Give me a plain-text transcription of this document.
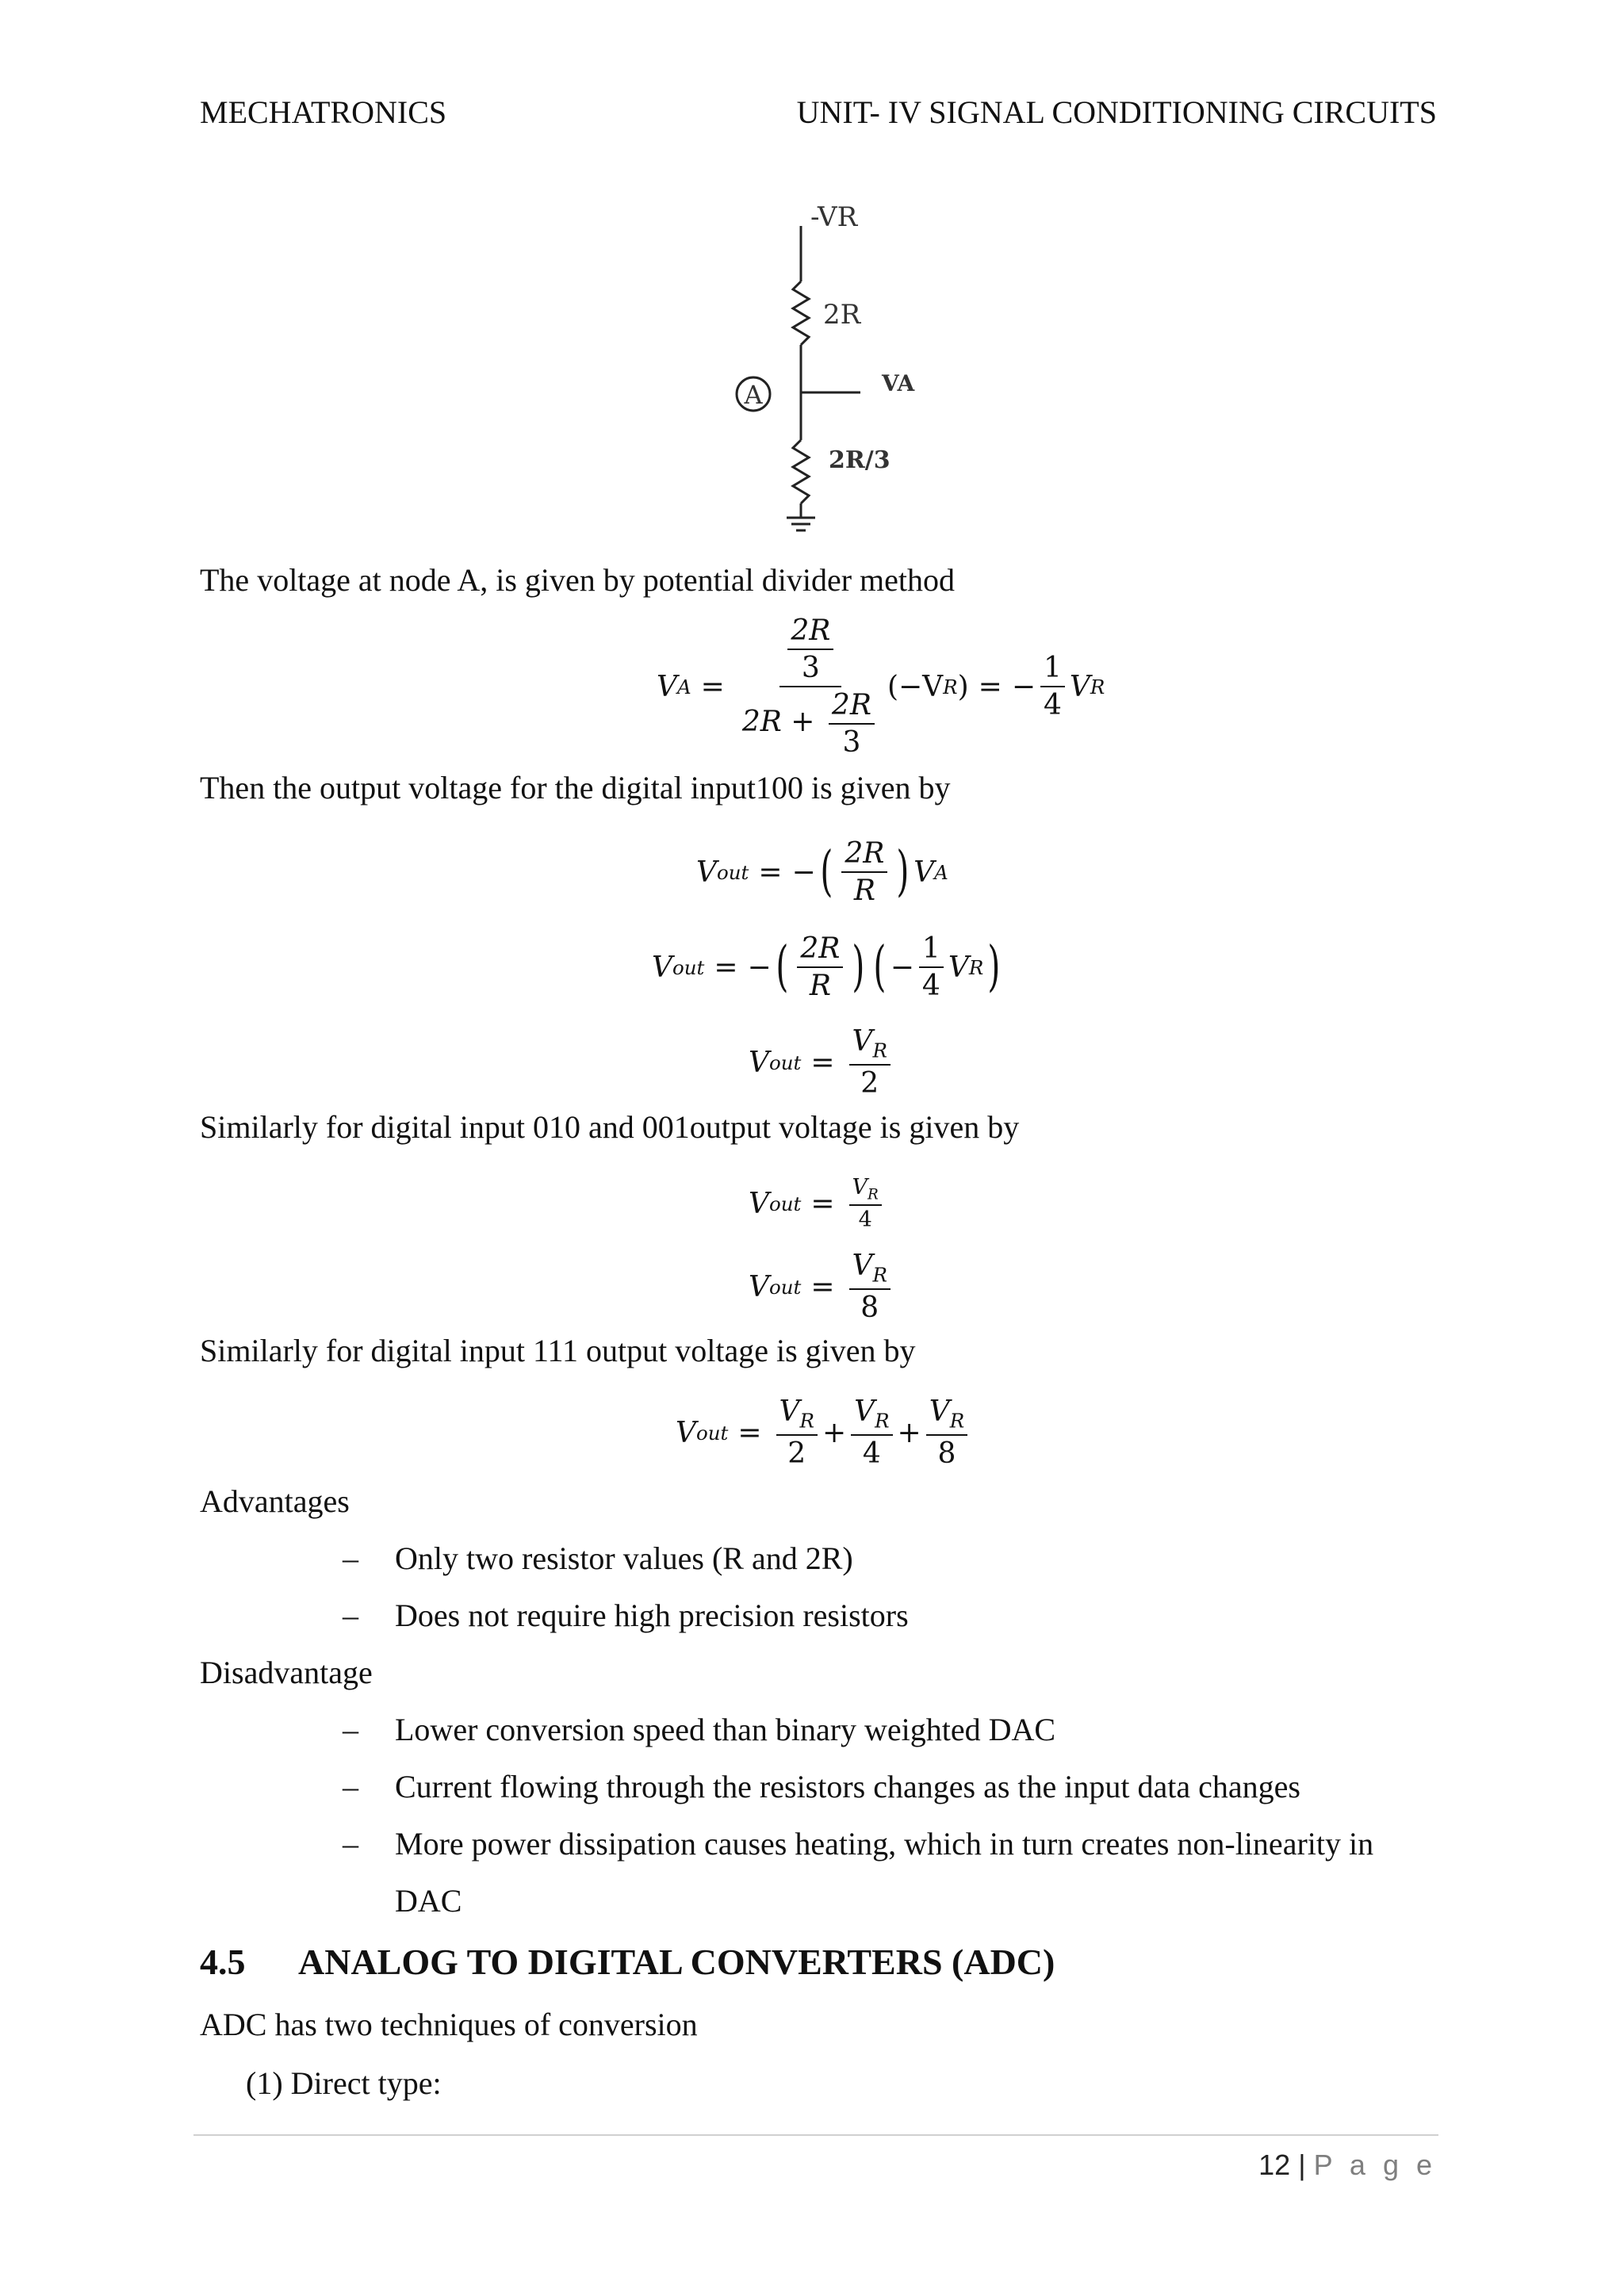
MECHATRONICS	UNIT- IV SIGNAL CONDITIONING CIRCUITS
-VR
2R
A	VA
2R/3
The voltage at node A, is given by potential divider method
V $A = \frac{\frac{2R}{3}}{2R + \frac{2R}{3}} (-V$ R ) = − $\frac{1}{4}$ V R
Then the output voltage for the digital input100 is given by
V out = − ( $\frac{2R}{R}$ ) V A
V out = − ( $\frac{2R}{R}$ ) ( − $\frac{1}{4}$ V R )
V out = $\frac{V_R}{2}$
Similarly for digital input 010 and 001output voltage is given by
V out = $\frac{V_R}{4}$
V out = $\frac{V_R}{8}$
Similarly for digital input 111 output voltage is given by
V out = $\frac{V_R}{2} + \frac{V_R}{4} + \frac{V_R}{8}$
Advantages
– Only two resistor values (R and 2R)
– Does not require high precision resistors
Disadvantage
– Lower conversion speed than binary weighted DAC
– Current flowing through the resistors changes as the input data changes
– More power dissipation causes heating, which in turn creates non-linearity in
DAC
4.5 ANALOG TO DIGITAL CONVERTERS (ADC)
ADC has two techniques of conversion
(1) Direct type:
12 | P a g e
